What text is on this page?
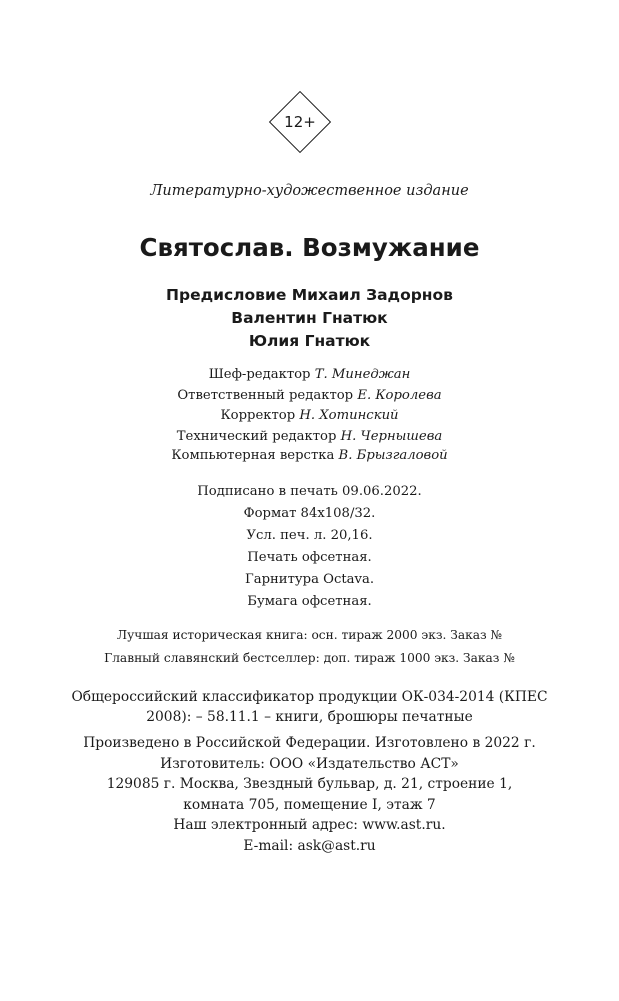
12+
Литературно-художественное издание
Святослав. Возмужание
Предисловие Михаил Задорнов
Валентин Гнатюк
Юлия Гнатюк
Шеф-редактор Т. Минеджан
Ответственный редактор Е. Королева
Корректор Н. Хотинский
Технический редактор Н. Чернышева
Компьютерная верстка В. Брызгаловой
Подписано в печать 09.06.2022.
Формат 84x108/32.
Усл. печ. л. 20,16.
Печать офсетная.
Гарнитура Octava.
Бумага офсетная.
Лучшая историческая книга: осн. тираж 2000 экз. Заказ №
Главный славянский бестселлер: доп. тираж 1000 экз. Заказ №
Общероссийский классификатор продукции ОК-034-2014 (КПЕС
2008): – 58.11.1 – книги, брошюры печатные
Произведено в Российской Федерации. Изготовлено в 2022 г.
Изготовитель: ООО «Издательство АСТ»
129085 г. Москва, Звездный бульвар, д. 21, строение 1,
комната 705, помещение I, этаж 7
Наш электронный адрес: www.ast.ru.
E-mail: ask@ast.ru
